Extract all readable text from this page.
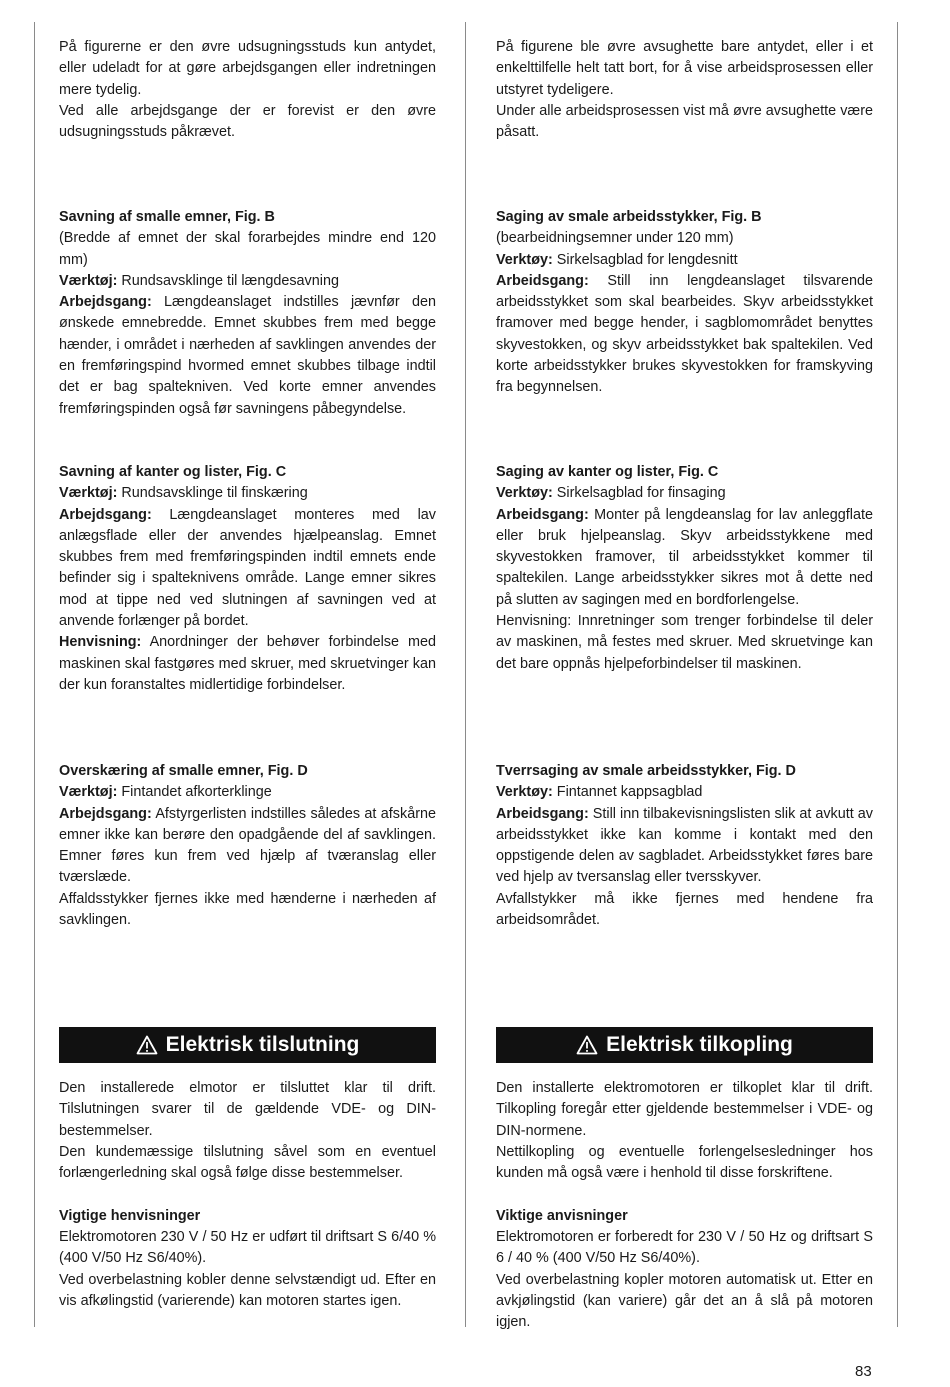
På figurerne er den øvre udsugningsstuds kun antydet, eller udeladt for at gøre arbejdsgangen eller indretningen mere tydelig.

Ved alle arbejdsgange der er forevist er den øvre udsugningsstuds påkrævet.

Savning af smalle emner, Fig. B

(Bredde af emnet der skal forarbejdes mindre end 120 mm)

Værktøj: Rundsavsklinge til længdesavning

Arbejdsgang: Længdeanslaget indstilles jævnfør den ønskede emnebredde. Emnet skubbes frem med begge hænder, i området i nærheden af savklingen anvendes der en fremføringspind hvormed emnet skubbes tilbage indtil det er bag spaltekniven. Ved korte emner anvendes fremføringspinden også før savningens påbegyndelse.

Savning af kanter og lister, Fig. C

Værktøj: Rundsavsklinge til finskæring

Arbejdsgang: Længdeanslaget monteres med lav anlægsflade eller der anvendes hjælpeanslag. Emnet skubbes frem med fremføringspinden indtil emnets ende befinder sig i spalteknivens område. Lange emner sikres mod at tippe ned ved slutningen af savningen ved at anvende forlænger på bordet.

Henvisning: Anordninger der behøver forbindelse med maskinen skal fastgøres med skruer, med skruetvinger kan der kun foranstaltes midlertidige forbindelser.

Overskæring af smalle emner, Fig. D

Værktøj: Fintandet afkorterklinge

Arbejdsgang: Afstyrgerlisten indstilles således at afskårne emner ikke kan berøre den opadgående del af savklingen. Emner føres kun frem ved hjælp af tværanslag eller tværslæde.

Affaldsstykker fjernes ikke med hænderne i nærheden af savklingen.

Elektrisk tilslutning

Den installerede elmotor er tilsluttet klar til drift. Tilslutningen svarer til de gældende VDE- og DIN-bestemmelser.

Den kundemæssige tilslutning såvel som en eventuel forlængerledning skal også følge disse bestemmelser.

Vigtige henvisninger

Elektromotoren 230 V / 50 Hz er udført til driftsart S 6/40 % (400 V/50 Hz S6/40%).

Ved overbelastning kobler denne selvstændigt ud. Efter en vis afkølingstid (varierende) kan motoren startes igen.

På figurene ble øvre avsughette bare antydet, eller i et enkelttilfelle helt tatt bort, for å vise arbeidsprosessen eller utstyret tydeligere.

Under alle arbeidsprosessen vist må øvre avsughette være påsatt.

Saging av smale arbeidsstykker, Fig. B

(bearbeidningsemner under 120 mm)

Verktøy: Sirkelsagblad for lengdesnitt

Arbeidsgang: Still inn lengdeanslaget tilsvarende arbeidsstykket som skal bearbeides. Skyv arbeidsstykket framover med begge hender, i sagblomområdet benyttes skyvestokken, og skyv arbeidsstykket bak spaltekilen. Ved korte arbeidsstykker brukes skyvestokken for framskyving fra begynnelsen.

Saging av kanter og lister, Fig. C

Verktøy: Sirkelsagblad for finsaging

Arbeidsgang: Monter på lengdeanslag for lav anleggflate eller bruk hjelpeanslag. Skyv arbeidsstykkene med skyvestokken framover, til arbeidsstykket kommer til spaltekilen. Lange arbeidsstykker sikres mot å dette ned på slutten av sagingen med en bordforlengelse.

Henvisning: Innretninger som trenger forbindelse til deler av maskinen, må festes med skruer. Med skruetvinge kan det bare oppnås hjelpeforbindelser til maskinen.

Tverrsaging av smale arbeidsstykker, Fig. D

Verktøy: Fintannet kappsagblad

Arbeidsgang: Still inn tilbakevisningslisten slik at avkutt av arbeidsstykket ikke kan komme i kontakt med den oppstigende delen av sagbladet. Arbeidsstykket føres bare ved hjelp av tversanslag eller tversskyver.

Avfallstykker må ikke fjernes med hendene fra arbeidsområdet.

Elektrisk tilkopling

Den installerte elektromotoren er tilkoplet klar til drift. Tilkopling foregår etter gjeldende bestemmelser i VDE- og DIN-normene.

Nettilkopling og eventuelle forlengelsesledninger hos kunden må også være i henhold til disse forskriftene.

Viktige anvisninger

Elektromotoren er forberedt for 230 V / 50 Hz og driftsart S 6 / 40 % (400 V/50 Hz S6/40%).

Ved overbelastning kopler motoren automatisk ut. Etter en avkjølingstid (kan variere) går det an å slå på motoren igjen.

83
